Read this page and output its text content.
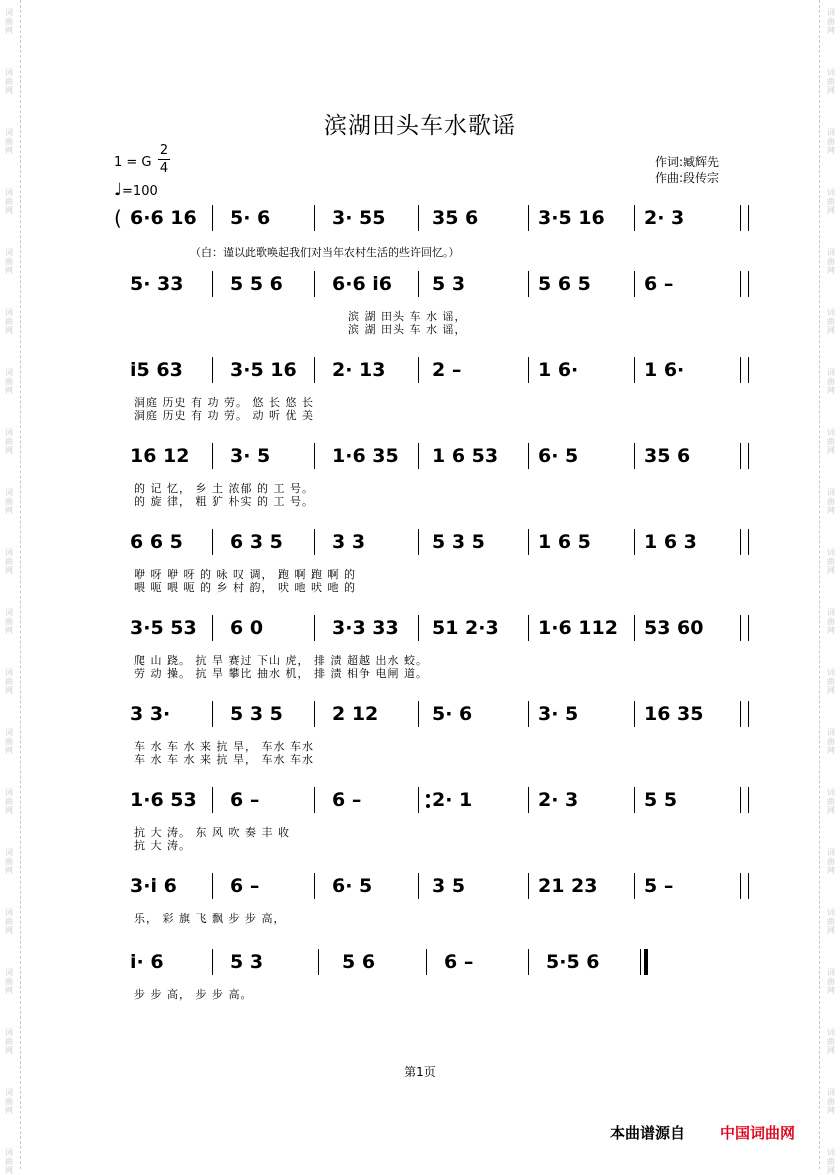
词曲网
词曲网
词曲网
词曲网
词曲网
词曲网
词曲网
词曲网
词曲网
词曲网
词曲网
词曲网
词曲网
词曲网
词曲网
词曲网
词曲网
词曲网
词曲网
词曲网
词曲网
词曲网
词曲网
词曲网
词曲网
词曲网
词曲网
词曲网
词曲网
词曲网
词曲网
词曲网
词曲网
词曲网
词曲网
词曲网
词曲网
词曲网
词曲网
词曲网
滨湖田头车水歌谣
1 = G
2
4
♩=100
作词:臧辉先
作曲:段传宗
（白：谨以此歌唤起我们对当年农村生活的些许回忆。）
6·6 16 5· 6	3· 55 35 6	3·5 16 2· 3
(
5· 33 5 5 6	6·6 i6 5 3	5 6 5	6 –
i5 63 3·5 16 2· 13 2 –	1 6·	1 6·
16 12 3· 5	1·6 35 1 6 53 6· 5	35 6
6 6 5 6 3 5	3 3	5 3 5	1 6 5	1 6 3
3·5 53 6 0	3·3 33 51 2·3 1·6 112 53 60
3 3·	5 3 5	2 12	5· 6	3· 5	16 35
1·6 53 6 –	6 –	2· 1	2· 3	5 5
3·i 6	6 –	6· 5	3 5	21 23 5 –
i· 6	5 3	5 6	6 –	5·5 6
第1页
本曲谱源自 中国词曲网
滨 湖 田头 车 水 谣，
滨 湖 田头 车 水 谣，
洞庭 历史 有 功 劳。 悠 长 悠 长
洞庭 历史 有 功 劳。 动 听 优 美
的 记 忆， 乡 土 浓郁 的 工 号。
的 旋 律， 粗 犷 朴实 的 工 号。
咿 呀 咿 呀 的 咏 叹 调， 跑 啊 跑 啊 的
喂 呃 喂 呃 的 乡 村 韵， 吠 吔 吠 吔 的
爬 山 跷。 抗 旱 赛过 下山 虎， 排 渍 超越 出水 蛟。
劳 动 操。 抗 旱 攀比 抽水 机， 排 渍 相争 电闸 道。
车 水 车 水 来 抗 旱， 车水 车水
车 水 车 水 来 抗 旱， 车水 车水
抗 大 涛。 东 风 吹 奏 丰 收
抗 大 涛。
乐， 彩 旗 飞 飘 步 步 高，
步 步 高， 步 步 高。
